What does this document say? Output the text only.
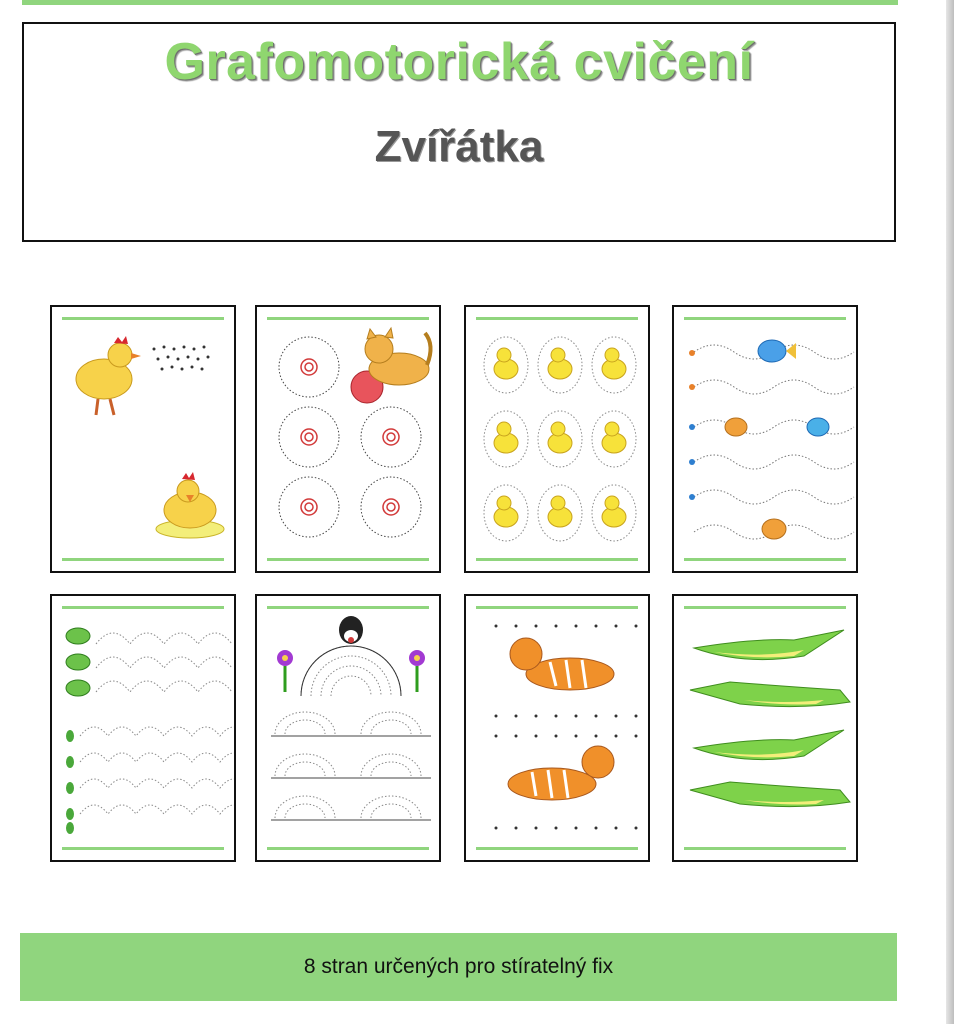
Grafomotorická cvičení
Zvířátka
8 stran určených pro stíratelný fix
